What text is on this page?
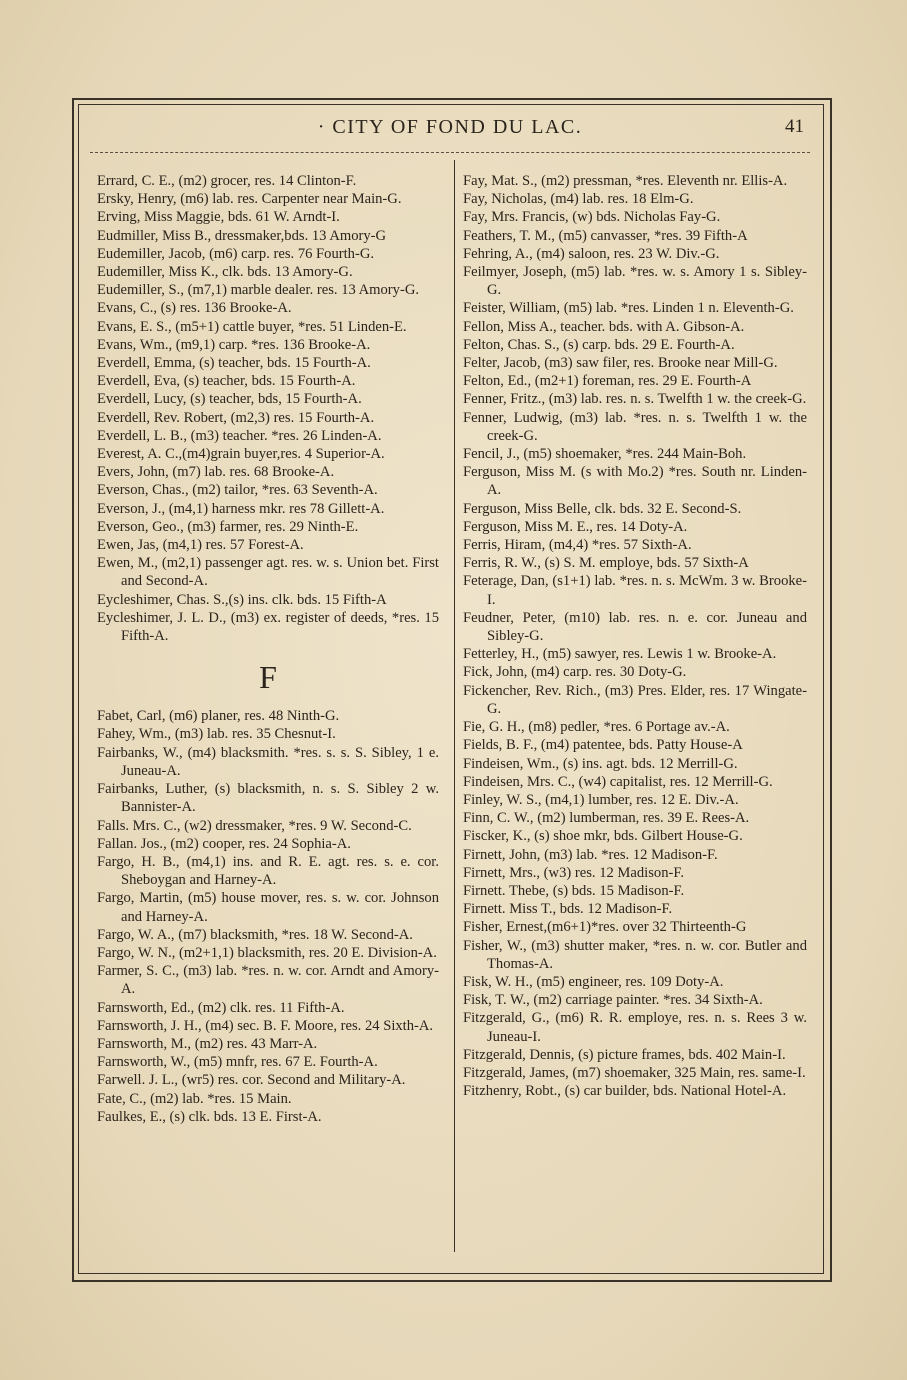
· CITY OF FOND DU LAC.	41
Errard, C. E., (m2) grocer, res. 14 Clinton-F.
Ersky, Henry, (m6) lab. res. Carpenter near Main-G.
Erving, Miss Maggie, bds. 61 W. Arndt-I.
Eudmiller, Miss B., dressmaker,bds. 13 Amory-G
Eudemiller, Jacob, (m6) carp. res. 76 Fourth-G.
Eudemiller, Miss K., clk. bds. 13 Amory-G.
Eudemiller, S., (m7,1) marble dealer. res. 13 Amory-G.
Evans, C., (s) res. 136 Brooke-A.
Evans, E. S., (m5+1) cattle buyer, *res. 51 Linden-E.
Evans, Wm., (m9,1) carp. *res. 136 Brooke-A.
Everdell, Emma, (s) teacher, bds. 15 Fourth-A.
Everdell, Eva, (s) teacher, bds. 15 Fourth-A.
Everdell, Lucy, (s) teacher, bds, 15 Fourth-A.
Everdell, Rev. Robert, (m2,3) res. 15 Fourth-A.
Everdell, L. B., (m3) teacher. *res. 26 Linden-A.
Everest, A. C.,(m4)grain buyer,res. 4 Superior-A.
Evers, John, (m7) lab. res. 68 Brooke-A.
Everson, Chas., (m2) tailor, *res. 63 Seventh-A.
Everson, J., (m4,1) harness mkr. res 78 Gillett-A.
Everson, Geo., (m3) farmer, res. 29 Ninth-E.
Ewen, Jas, (m4,1) res. 57 Forest-A.
Ewen, M., (m2,1) passenger agt. res. w. s. Union bet. First and Second-A.
Eycleshimer, Chas. S.,(s) ins. clk. bds. 15 Fifth-A
Eycleshimer, J. L. D., (m3) ex. register of deeds, *res. 15 Fifth-A.
F
Fabet, Carl, (m6) planer, res. 48 Ninth-G.
Fahey, Wm., (m3) lab. res. 35 Chesnut-I.
Fairbanks, W., (m4) blacksmith. *res. s. s. S. Sibley, 1 e. Juneau-A.
Fairbanks, Luther, (s) blacksmith, n. s. S. Sibley 2 w. Bannister-A.
Falls. Mrs. C., (w2) dressmaker, *res. 9 W. Second-C.
Fallan. Jos., (m2) cooper, res. 24 Sophia-A.
Fargo, H. B., (m4,1) ins. and R. E. agt. res. s. e. cor. Sheboygan and Harney-A.
Fargo, Martin, (m5) house mover, res. s. w. cor. Johnson and Harney-A.
Fargo, W. A., (m7) blacksmith, *res. 18 W. Second-A.
Fargo, W. N., (m2+1,1) blacksmith, res. 20 E. Division-A.
Farmer, S. C., (m3) lab. *res. n. w. cor. Arndt and Amory-A.
Farnsworth, Ed., (m2) clk. res. 11 Fifth-A.
Farnsworth, J. H., (m4) sec. B. F. Moore, res. 24 Sixth-A.
Farnsworth, M., (m2) res. 43 Marr-A.
Farnsworth, W., (m5) mnfr, res. 67 E. Fourth-A.
Farwell. J. L., (wr5) res. cor. Second and Military-A.
Fate, C., (m2) lab. *res. 15 Main.
Faulkes, E., (s) clk. bds. 13 E. First-A.
Fay, Mat. S., (m2) pressman, *res. Eleventh nr. Ellis-A.
Fay, Nicholas, (m4) lab. res. 18 Elm-G.
Fay, Mrs. Francis, (w) bds. Nicholas Fay-G.
Feathers, T. M., (m5) canvasser, *res. 39 Fifth-A
Fehring, A., (m4) saloon, res. 23 W. Div.-G.
Feilmyer, Joseph, (m5) lab. *res. w. s. Amory 1 s. Sibley-G.
Feister, William, (m5) lab. *res. Linden 1 n. Eleventh-G.
Fellon, Miss A., teacher. bds. with A. Gibson-A.
Felton, Chas. S., (s) carp. bds. 29 E. Fourth-A.
Felter, Jacob, (m3) saw filer, res. Brooke near Mill-G.
Felton, Ed., (m2+1) foreman, res. 29 E. Fourth-A
Fenner, Fritz., (m3) lab. res. n. s. Twelfth 1 w. the creek-G.
Fenner, Ludwig, (m3) lab. *res. n. s. Twelfth 1 w. the creek-G.
Fencil, J., (m5) shoemaker, *res. 244 Main-Boh.
Ferguson, Miss M. (s with Mo.2) *res. South nr. Linden-A.
Ferguson, Miss Belle, clk. bds. 32 E. Second-S.
Ferguson, Miss M. E., res. 14 Doty-A.
Ferris, Hiram, (m4,4) *res. 57 Sixth-A.
Ferris, R. W., (s) S. M. employe, bds. 57 Sixth-A
Feterage, Dan, (s1+1) lab. *res. n. s. McWm. 3 w. Brooke-I.
Feudner, Peter, (m10) lab. res. n. e. cor. Juneau and Sibley-G.
Fetterley, H., (m5) sawyer, res. Lewis 1 w. Brooke-A.
Fick, John, (m4) carp. res. 30 Doty-G.
Fickencher, Rev. Rich., (m3) Pres. Elder, res. 17 Wingate-G.
Fie, G. H., (m8) pedler, *res. 6 Portage av.-A.
Fields, B. F., (m4) patentee, bds. Patty House-A
Findeisen, Wm., (s) ins. agt. bds. 12 Merrill-G.
Findeisen, Mrs. C., (w4) capitalist, res. 12 Merrill-G.
Finley, W. S., (m4,1) lumber, res. 12 E. Div.-A.
Finn, C. W., (m2) lumberman, res. 39 E. Rees-A.
Fiscker, K., (s) shoe mkr, bds. Gilbert House-G.
Firnett, John, (m3) lab. *res. 12 Madison-F.
Firnett, Mrs., (w3) res. 12 Madison-F.
Firnett. Thebe, (s) bds. 15 Madison-F.
Firnett. Miss T., bds. 12 Madison-F.
Fisher, Ernest,(m6+1)*res. over 32 Thirteenth-G
Fisher, W., (m3) shutter maker, *res. n. w. cor. Butler and Thomas-A.
Fisk, W. H., (m5) engineer, res. 109 Doty-A.
Fisk, T. W., (m2) carriage painter. *res. 34 Sixth-A.
Fitzgerald, G., (m6) R. R. employe, res. n. s. Rees 3 w. Juneau-I.
Fitzgerald, Dennis, (s) picture frames, bds. 402 Main-I.
Fitzgerald, James, (m7) shoemaker, 325 Main, res. same-I.
Fitzhenry, Robt., (s) car builder, bds. National Hotel-A.
